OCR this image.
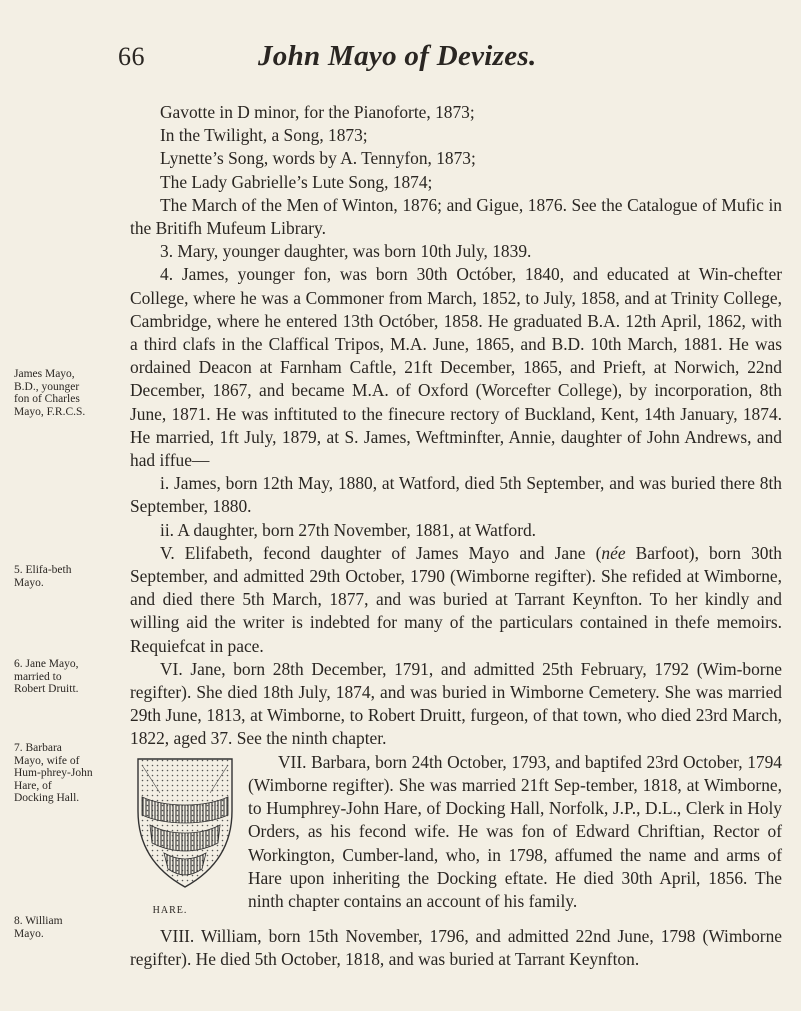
66	John Mayo of Devizes.
James Mayo, B.D., younger fon of Charles Mayo, F.R.C.S.
5. Elifa-beth Mayo.
6. Jane Mayo, married to Robert Druitt.
7. Barbara Mayo, wife of Hum-phrey-John Hare, of Docking Hall.
8. William Mayo.

Gavotte in D minor, for the Pianoforte, 1873;

In the Twilight, a Song, 1873;

Lynette’s Song, words by A. Tennyfon, 1873;

The Lady Gabrielle’s Lute Song, 1874;

The March of the Men of Winton, 1876; and Gigue, 1876. See the Catalogue of Mufic in the Britifh Mufeum Library.

3. Mary, younger daughter, was born 10th July, 1839.

4. James, younger fon, was born 30th Octóber, 1840, and educated at Win-chefter College, where he was a Commoner from March, 1852, to July, 1858, and at Trinity College, Cambridge, where he entered 13th Octóber, 1858. He graduated B.A. 12th April, 1862, with a third clafs in the Claffical Tripos, M.A. June, 1865, and B.D. 10th March, 1881. He was ordained Deacon at Farnham Caftle, 21ft December, 1865, and Prieft, at Norwich, 22nd December, 1867, and became M.A. of Oxford (Worcefter College), by incorporation, 8th June, 1871. He was inftituted to the finecure rectory of Buckland, Kent, 14th January, 1874. He married, 1ft July, 1879, at S. James, Weftminfter, Annie, daughter of John Andrews, and had iffue—

i. James, born 12th May, 1880, at Watford, died 5th September, and was buried there 8th September, 1880.

ii. A daughter, born 27th November, 1881, at Watford.

V. Elifabeth, fecond daughter of James Mayo and Jane (née Barfoot), born 30th September, and admitted 29th October, 1790 (Wimborne regifter). She refided at Wimborne, and died there 5th March, 1877, and was buried at Tarrant Keynfton. To her kindly and willing aid the writer is indebted for many of the particulars contained in thefe memoirs. Requiefcat in pace.

VI. Jane, born 28th December, 1791, and admitted 25th February, 1792 (Wim-borne regifter). She died 18th July, 1874, and was buried in Wimborne Cemetery. She was married 29th June, 1813, at Wimborne, to Robert Druitt, furgeon, of that town, who died 23rd March, 1822, aged 37. See the ninth chapter.

HARE.
VII. Barbara, born 24th October, 1793, and baptifed 23rd October, 1794 (Wimborne regifter). She was married 21ft Sep-tember, 1818, at Wimborne, to Humphrey-John Hare, of Docking Hall, Norfolk, J.P., D.L., Clerk in Holy Orders, as his fecond wife. He was fon of Edward Chriftian, Rector of Workington, Cumber-land, who, in 1798, affumed the name and arms of Hare upon inheriting the Docking eftate. He died 30th April, 1856. The ninth chapter contains an account of his family.

VIII. William, born 15th November, 1796, and admitted 22nd June, 1798 (Wimborne regifter). He died 5th October, 1818, and was buried at Tarrant Keynfton.
